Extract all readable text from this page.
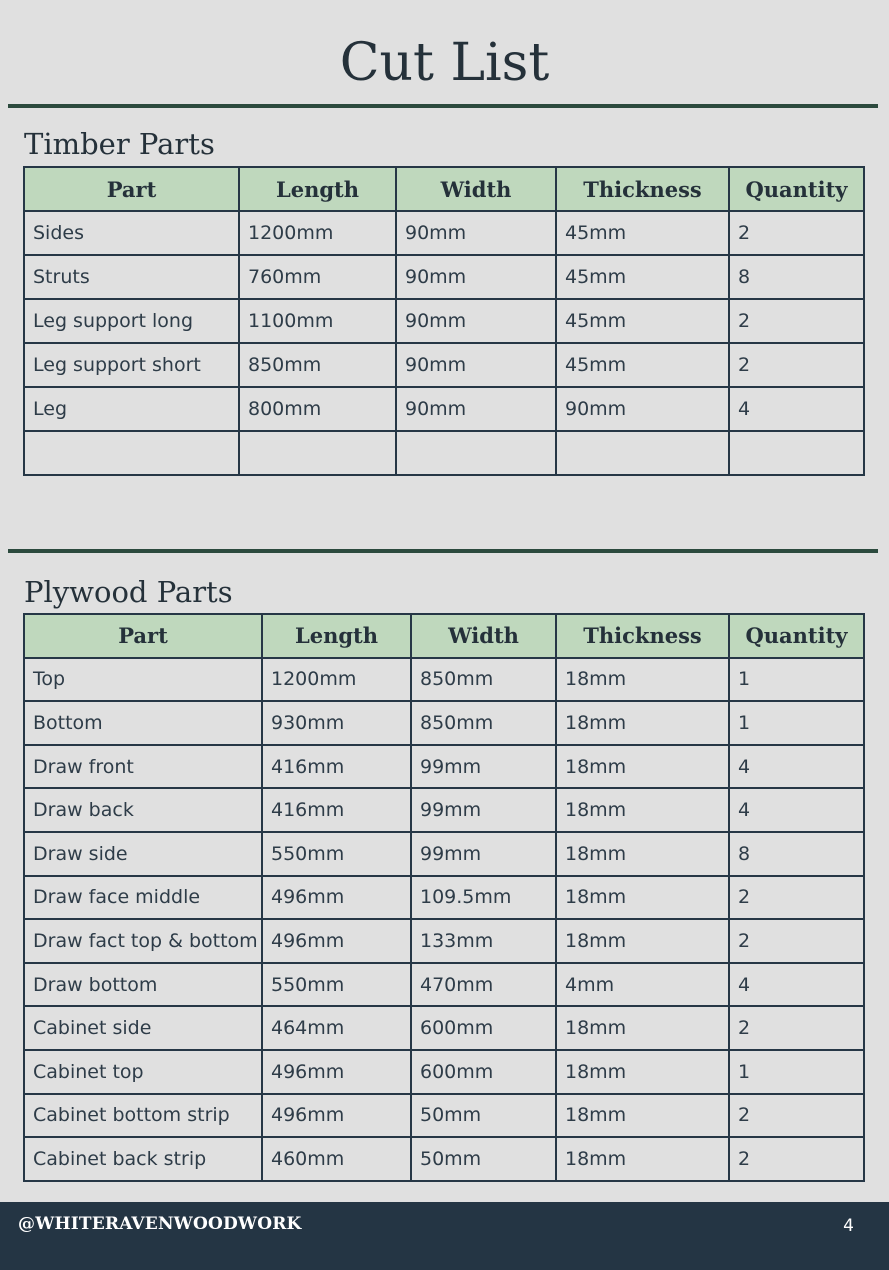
Cut List
Timber Parts
Part	Length	Width	Thickness	Quantity
Sides	1200mm	90mm	45mm	2
Struts	760mm	90mm	45mm	8
Leg support long	1100mm	90mm	45mm	2
Leg support short	850mm	90mm	45mm	2
Leg	800mm	90mm	90mm	4

Plywood Parts
Part	Length	Width	Thickness	Quantity
Top	1200mm	850mm	18mm	1
Bottom	930mm	850mm	18mm	1
Draw front	416mm	99mm	18mm	4
Draw back	416mm	99mm	18mm	4
Draw side	550mm	99mm	18mm	8
Draw face middle	496mm	109.5mm	18mm	2
Draw fact top & bottom	496mm	133mm	18mm	2
Draw bottom	550mm	470mm	4mm	4
Cabinet side	464mm	600mm	18mm	2
Cabinet top	496mm	600mm	18mm	1
Cabinet bottom strip	496mm	50mm	18mm	2
Cabinet back strip	460mm	50mm	18mm	2
@WHITERAVENWOODWORK	4
